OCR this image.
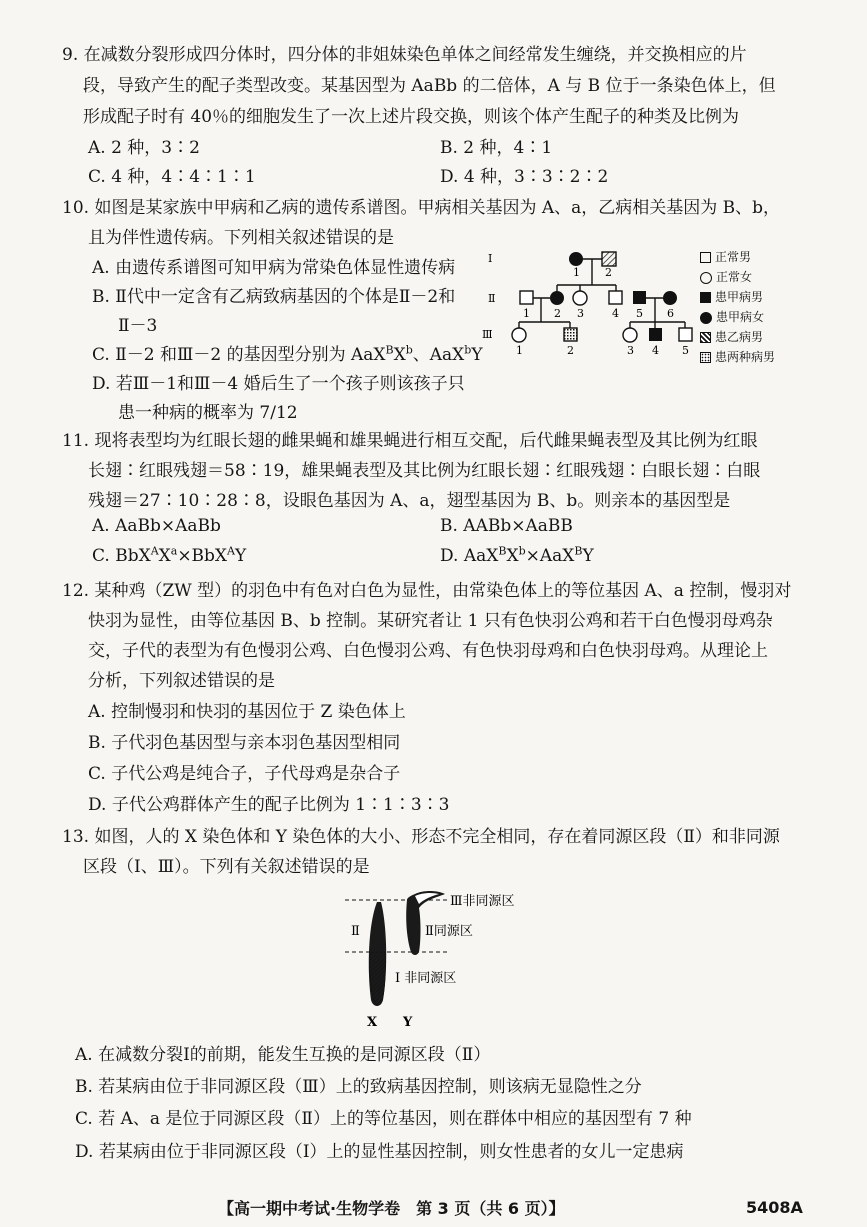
9. 在减数分裂形成四分体时，四分体的非姐妹染色单体之间经常发生缠绕，并交换相应的片
段，导致产生的配子类型改变。某基因型为 AaBb 的二倍体，A 与 B 位于一条染色体上，但
形成配子时有 40％的细胞发生了一次上述片段交换，则该个体产生配子的种类及比例为
A. 2 种，3∶2	B. 2 种，4∶1
C. 4 种，4∶4∶1∶1	D. 4 种，3∶3∶2∶2
10. 如图是某家族中甲病和乙病的遗传系谱图。甲病相关基因为 A、a，乙病相关基因为 B、b，
且为伴性遗传病。下列相关叙述错误的是
A. 由遗传系谱图可知甲病为常染色体显性遗传病
B. Ⅱ代中一定含有乙病致病基因的个体是Ⅱ－2和
Ⅱ－3
C. Ⅱ－2 和Ⅲ－2 的基因型分别为 $AaX^BX^b$、AaX$^b$Y
D. 若Ⅲ－1和Ⅲ－4 婚后生了一个孩子则该孩子只
患一种病的概率为 7/12
Ⅰ
Ⅱ
Ⅲ
1 2
1 2 3	4 5 6
1	2	3 4 5
正常男
正常女
患甲病男
患甲病女
患乙病男
患两种病男
11. 现将表型均为红眼长翅的雌果蝇和雄果蝇进行相互交配，后代雌果蝇表型及其比例为红眼
长翅∶红眼残翅＝58∶19，雄果蝇表型及其比例为红眼长翅∶红眼残翅∶白眼长翅∶白眼
残翅＝27∶10∶28∶8，设眼色基因为 A、a，翅型基因为 B、b。则亲本的基因型是
A. AaBb×AaBb	B. AABb×AaBB
C. $BbX^AX^a\times BbX^AY$	D. $AaX^BX^b\times AaX^BY$
12. 某种鸡（ZW 型）的羽色中有色对白色为显性，由常染色体上的等位基因 A、a 控制，慢羽对
快羽为显性，由等位基因 B、b 控制。某研究者让 1 只有色快羽公鸡和若干白色慢羽母鸡杂
交，子代的表型为有色慢羽公鸡、白色慢羽公鸡、有色快羽母鸡和白色快羽母鸡。从理论上
分析，下列叙述错误的是
A. 控制慢羽和快羽的基因位于 Z 染色体上
B. 子代羽色基因型与亲本羽色基因型相同
C. 子代公鸡是纯合子，子代母鸡是杂合子
D. 子代公鸡群体产生的配子比例为 1∶1∶3∶3
13. 如图，人的 X 染色体和 Y 染色体的大小、形态不完全相同，存在着同源区段（Ⅱ）和非同源
区段（Ⅰ、Ⅲ）。下列有关叙述错误的是
Ⅲ非同源区
Ⅱ	Ⅱ同源区
Ⅰ 非同源区
X Y
A. 在减数分裂Ⅰ的前期，能发生互换的是同源区段（Ⅱ）
B. 若某病由位于非同源区段（Ⅲ）上的致病基因控制，则该病无显隐性之分
C. 若 A、a 是位于同源区段（Ⅱ）上的等位基因，则在群体中相应的基因型有 7 种
D. 若某病由位于非同源区段（Ⅰ）上的显性基因控制，则女性患者的女儿一定患病
【高一期中考试·生物学卷　第 3 页（共 6 页）】	5408A
